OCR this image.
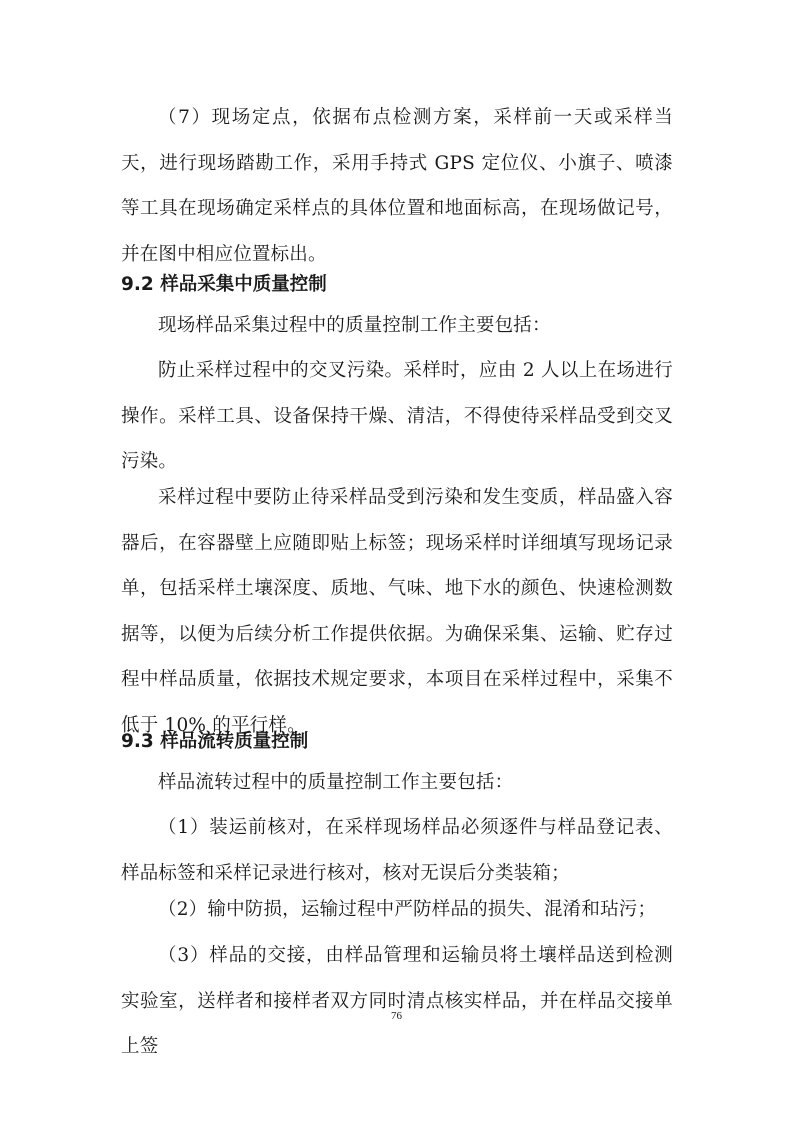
（7）现场定点，依据布点检测方案，采样前一天或采样当天，进行现场踏勘工作，采用手持式 GPS 定位仪、小旗子、喷漆等工具在现场确定采样点的具体位置和地面标高，在现场做记号，并在图中相应位置标出。

9.2 样品采集中质量控制

现场样品采集过程中的质量控制工作主要包括：

防止采样过程中的交叉污染。采样时，应由 2 人以上在场进行操作。采样工具、设备保持干燥、清洁，不得使待采样品受到交叉污染。

采样过程中要防止待采样品受到污染和发生变质，样品盛入容器后，在容器壁上应随即贴上标签；现场采样时详细填写现场记录单，包括采样土壤深度、质地、气味、地下水的颜色、快速检测数据等，以便为后续分析工作提供依据。为确保采集、运输、贮存过程中样品质量，依据技术规定要求，本项目在采样过程中，采集不低于 10% 的平行样。

9.3 样品流转质量控制

样品流转过程中的质量控制工作主要包括：

（1）装运前核对，在采样现场样品必须逐件与样品登记表、样品标签和采样记录进行核对，核对无误后分类装箱；

（2）输中防损，运输过程中严防样品的损失、混淆和玷污；

（3）样品的交接，由样品管理和运输员将土壤样品送到检测实验室，送样者和接样者双方同时清点核实样品，并在样品交接单上签

76
